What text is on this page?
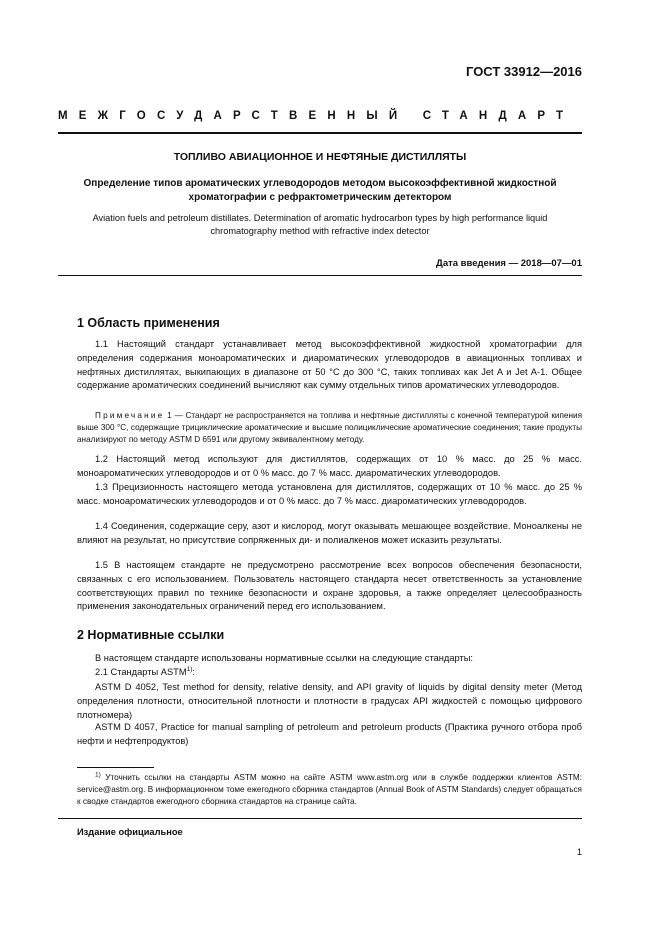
ГОСТ 33912—2016
МЕЖГОСУДАРСТВЕННЫЙ СТАНДАРТ
ТОПЛИВО АВИАЦИОННОЕ И НЕФТЯНЫЕ ДИСТИЛЛЯТЫ
Определение типов ароматических углеводородов методом высокоэффективной жидкостной
хроматографии с рефрактометрическим детектором
Aviation fuels and petroleum distillates. Determination of aromatic hydrocarbon types by high performance liquid
chromatography method with refractive index detector
Дата введения — 2018—07—01
1 Область применения
1.1 Настоящий стандарт устанавливает метод высокоэффективной жидкостной хроматографии для определения содержания моноароматических и диароматических углеводородов в авиационных топливах и нефтяных дистиллятах, выкипающих в диапазоне от 50 °С до 300 °С, таких топливах как Jet A и Jet A-1. Общее содержание ароматических соединений вычисляют как сумму отдельных типов ароматических углеводородов.
Примечание 1 — Стандарт не распространяется на топлива и нефтяные дистилляты с конечной температурой кипения выше 300 °С, содержащие трициклические ароматические и высшие полициклические ароматические соединения; такие продукты анализируют по методу ASTM D 6591 или другому эквивалентному методу.
1.2 Настоящий метод используют для дистиллятов, содержащих от 10 % масс. до 25 % масс. моноароматических углеводородов и от 0 % масс. до 7 % масс. диароматических углеводородов.
1.3 Прецизионность настоящего метода установлена для дистиллятов, содержащих от 10 % масс. до 25 % масс. моноароматических углеводородов и от 0 % масс. до 7 % масс. диароматических углеводородов.
1.4 Соединения, содержащие серу, азот и кислород, могут оказывать мешающее воздействие. Моноалкены не влияют на результат, но присутствие сопряженных ди- и полиалкенов может исказить результаты.
1.5 В настоящем стандарте не предусмотрено рассмотрение всех вопросов обеспечения безопасности, связанных с его использованием. Пользователь настоящего стандарта несет ответственность за установление соответствующих правил по технике безопасности и охране здоровья, а также определяет целесообразность применения законодательных ограничений перед его использованием.
2 Нормативные ссылки
В настоящем стандарте использованы нормативные ссылки на следующие стандарты:
2.1 Стандарты ASTM$^{1)}$:
ASTM D 4052, Test method for density, relative density, and API gravity of liquids by digital density meter (Метод определения плотности, относительной плотности и плотности в градусах API жидкостей с помощью цифрового плотномера)
ASTM D 4057, Practice for manual sampling of petroleum and petroleum products (Практика ручного отбора проб нефти и нефтепродуктов)
$^{1)}$ Уточнить ссылки на стандарты ASTM можно на сайте ASTM www.astm.org или в службе поддержки клиентов ASTM: service@astm.org. В информационном томе ежегодного сборника стандартов (Annual Book of ASTM Standards) следует обращаться к сводке стандартов ежегодного сборника стандартов на странице сайта.
Издание официальное
1
